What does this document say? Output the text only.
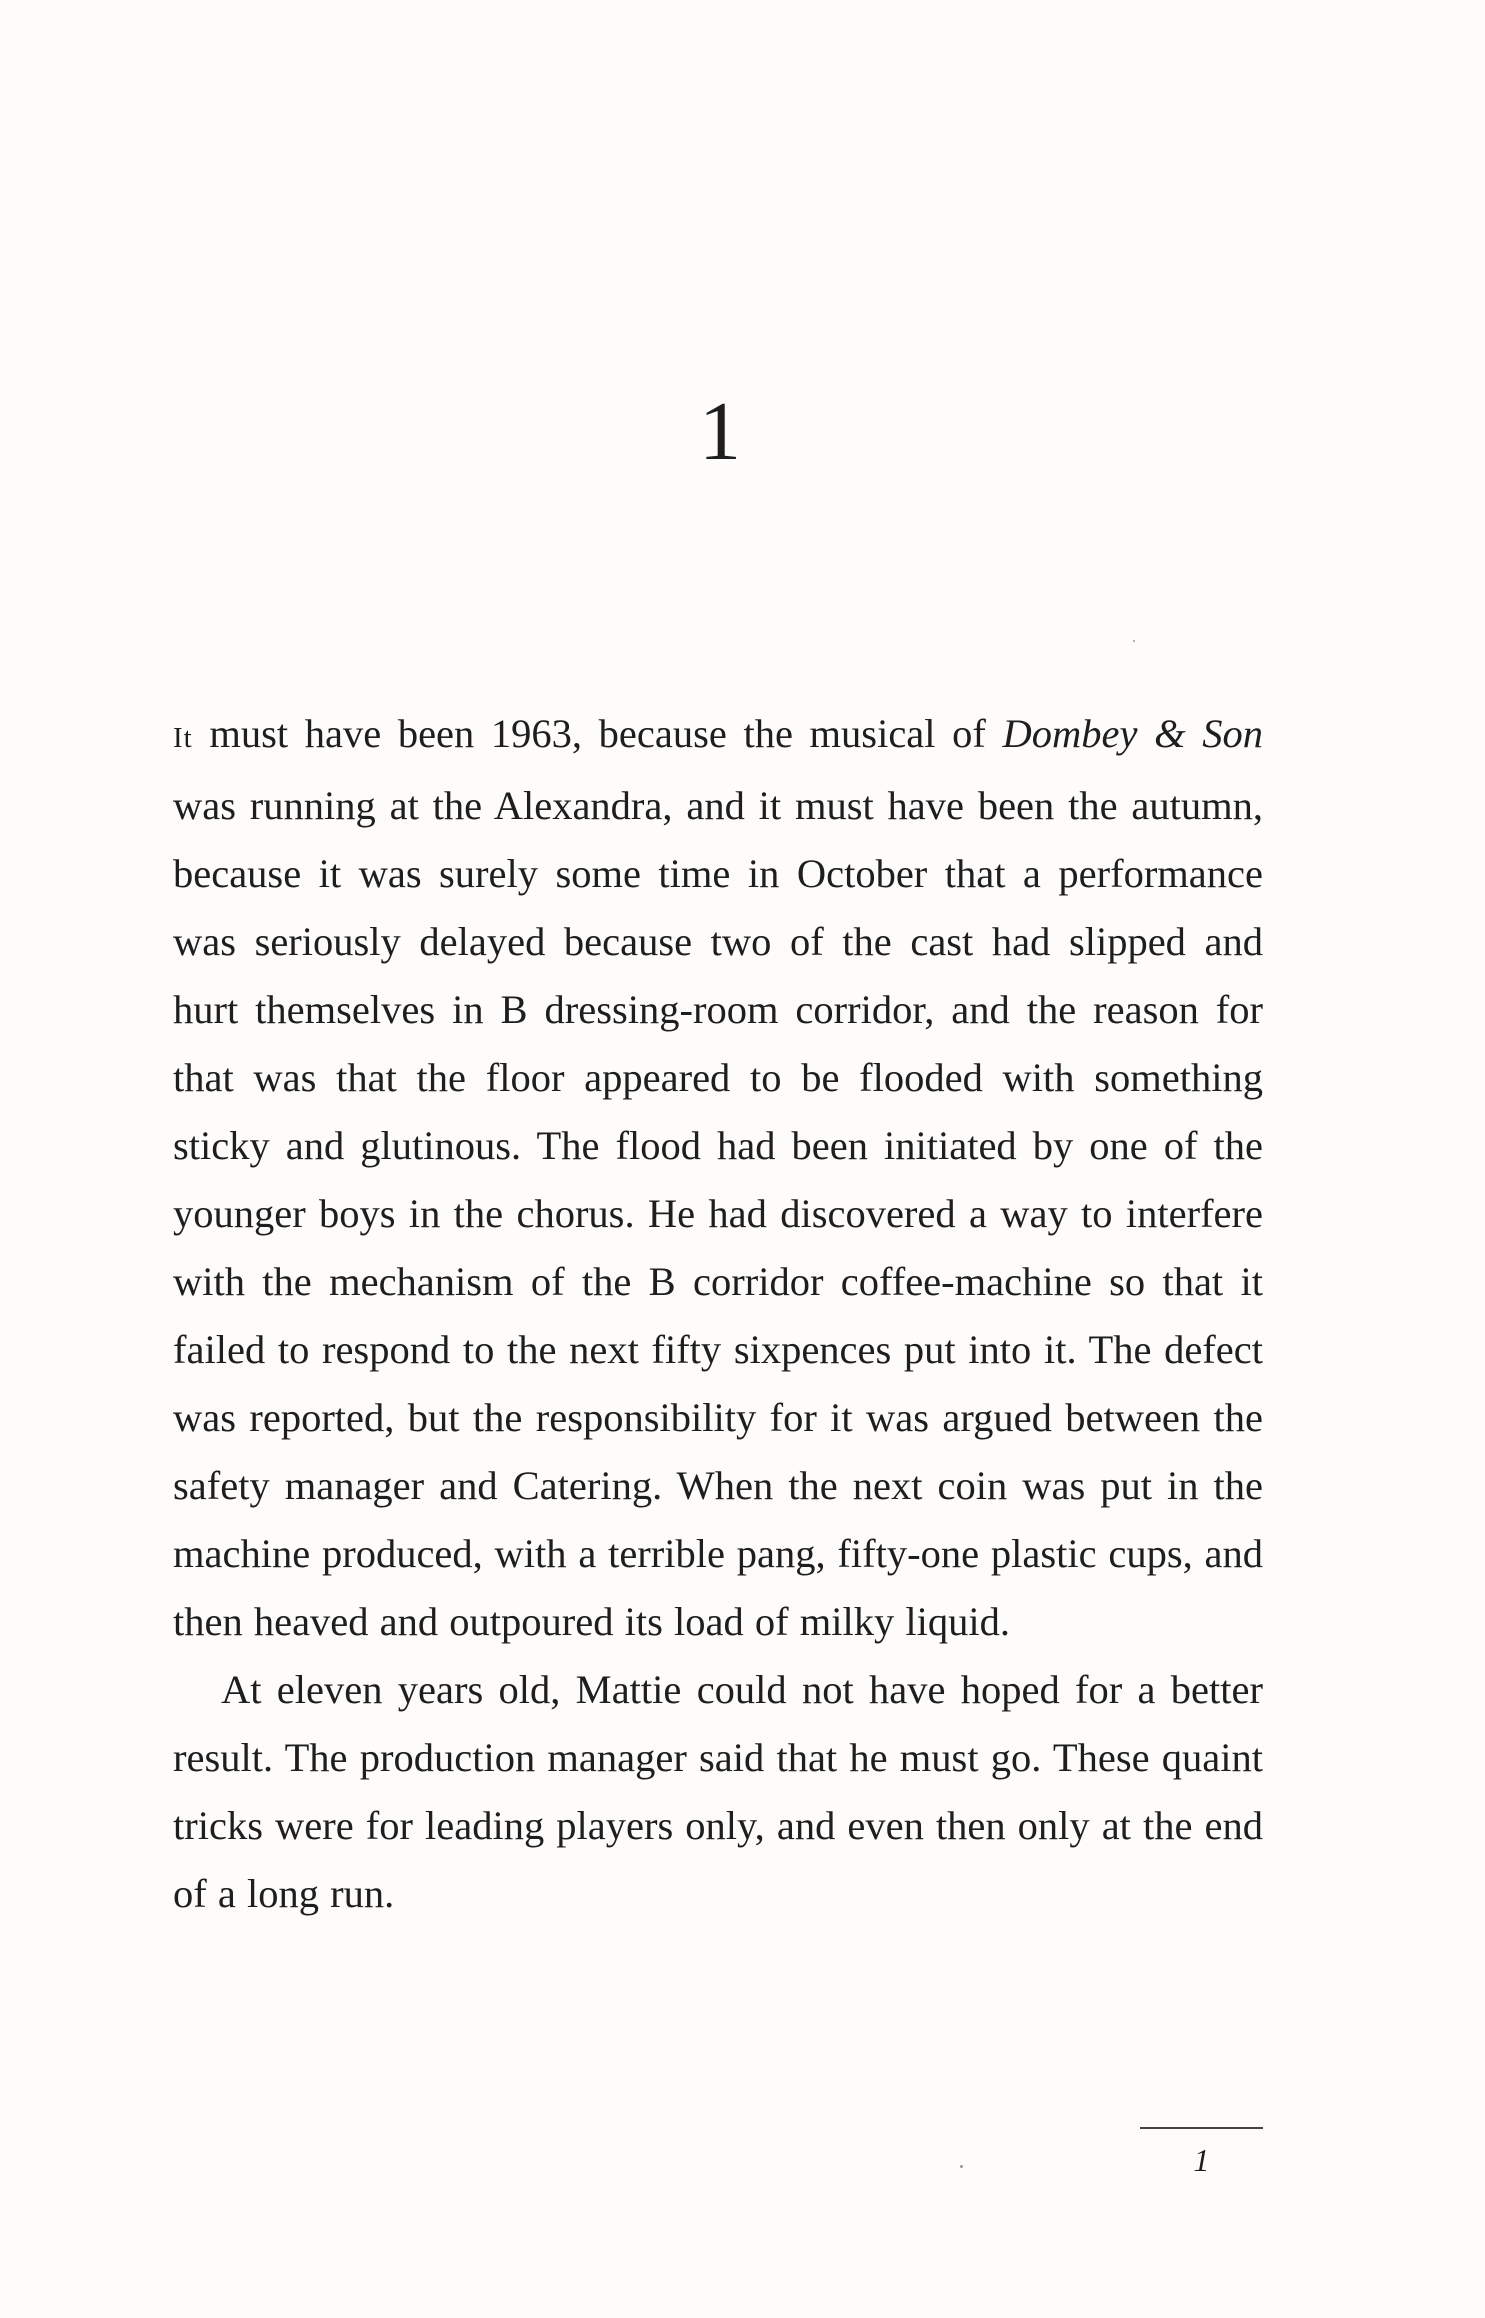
1

It must have been 1963, because the musical of Dombey & Son was running at the Alexandra, and it must have been the autumn, because it was surely some time in October that a performance was seriously delayed because two of the cast had slipped and hurt themselves in B dressing-room corridor, and the reason for that was that the floor appeared to be flooded with something sticky and glutinous. The flood had been initiated by one of the younger boys in the chorus. He had discovered a way to interfere with the mechanism of the B corridor coffee-machine so that it failed to respond to the next fifty sixpences put into it. The defect was reported, but the responsibility for it was argued between the safety manager and Catering. When the next coin was put in the machine produced, with a terrible pang, fifty-one plastic cups, and then heaved and outpoured its load of milky liquid.

At eleven years old, Mattie could not have hoped for a better result. The production manager said that he must go. These quaint tricks were for leading players only, and even then only at the end of a long run.

1
